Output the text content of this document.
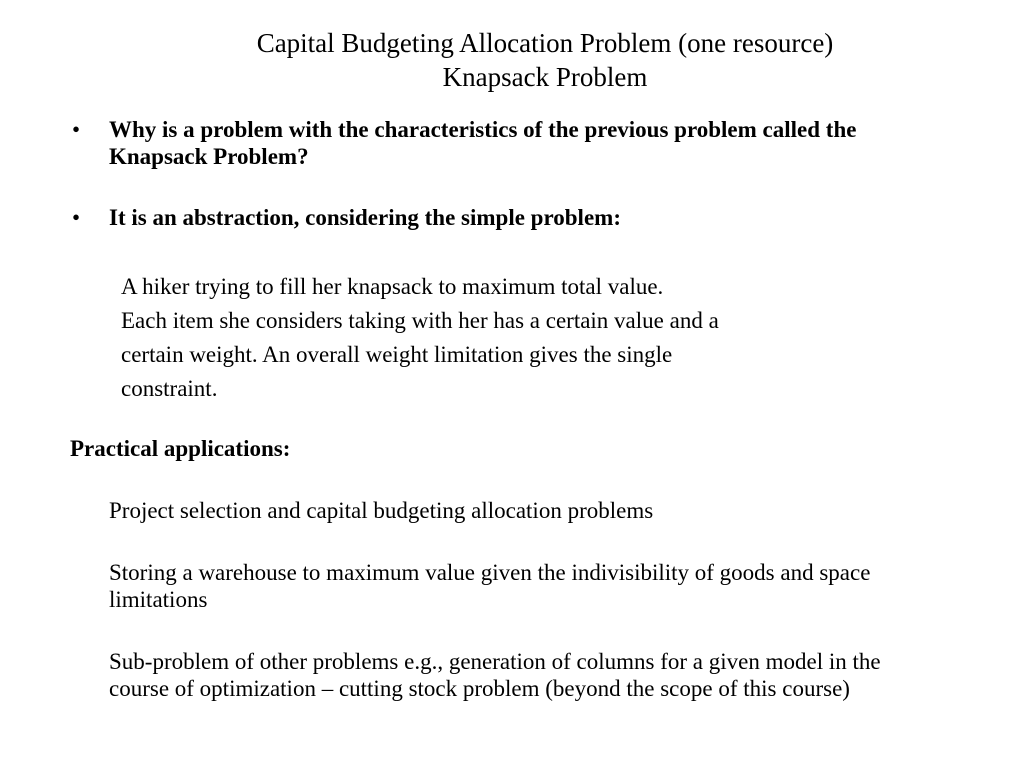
Capital Budgeting Allocation Problem (one resource)
Knapsack Problem
• Why is a problem with the characteristics of the previous problem called the Knapsack Problem?
• It is an abstraction, considering the simple problem:
A hiker trying to fill her knapsack to maximum total value.
Each item she considers taking with her has a certain value and a
certain weight. An overall weight limitation gives the single
constraint.
Practical applications:
Project selection and capital budgeting allocation problems
Storing a warehouse to maximum value given the indivisibility of goods and space limitations
Sub-problem of other problems e.g., generation of columns for a given model in the course of optimization – cutting stock problem (beyond the scope of this course)
